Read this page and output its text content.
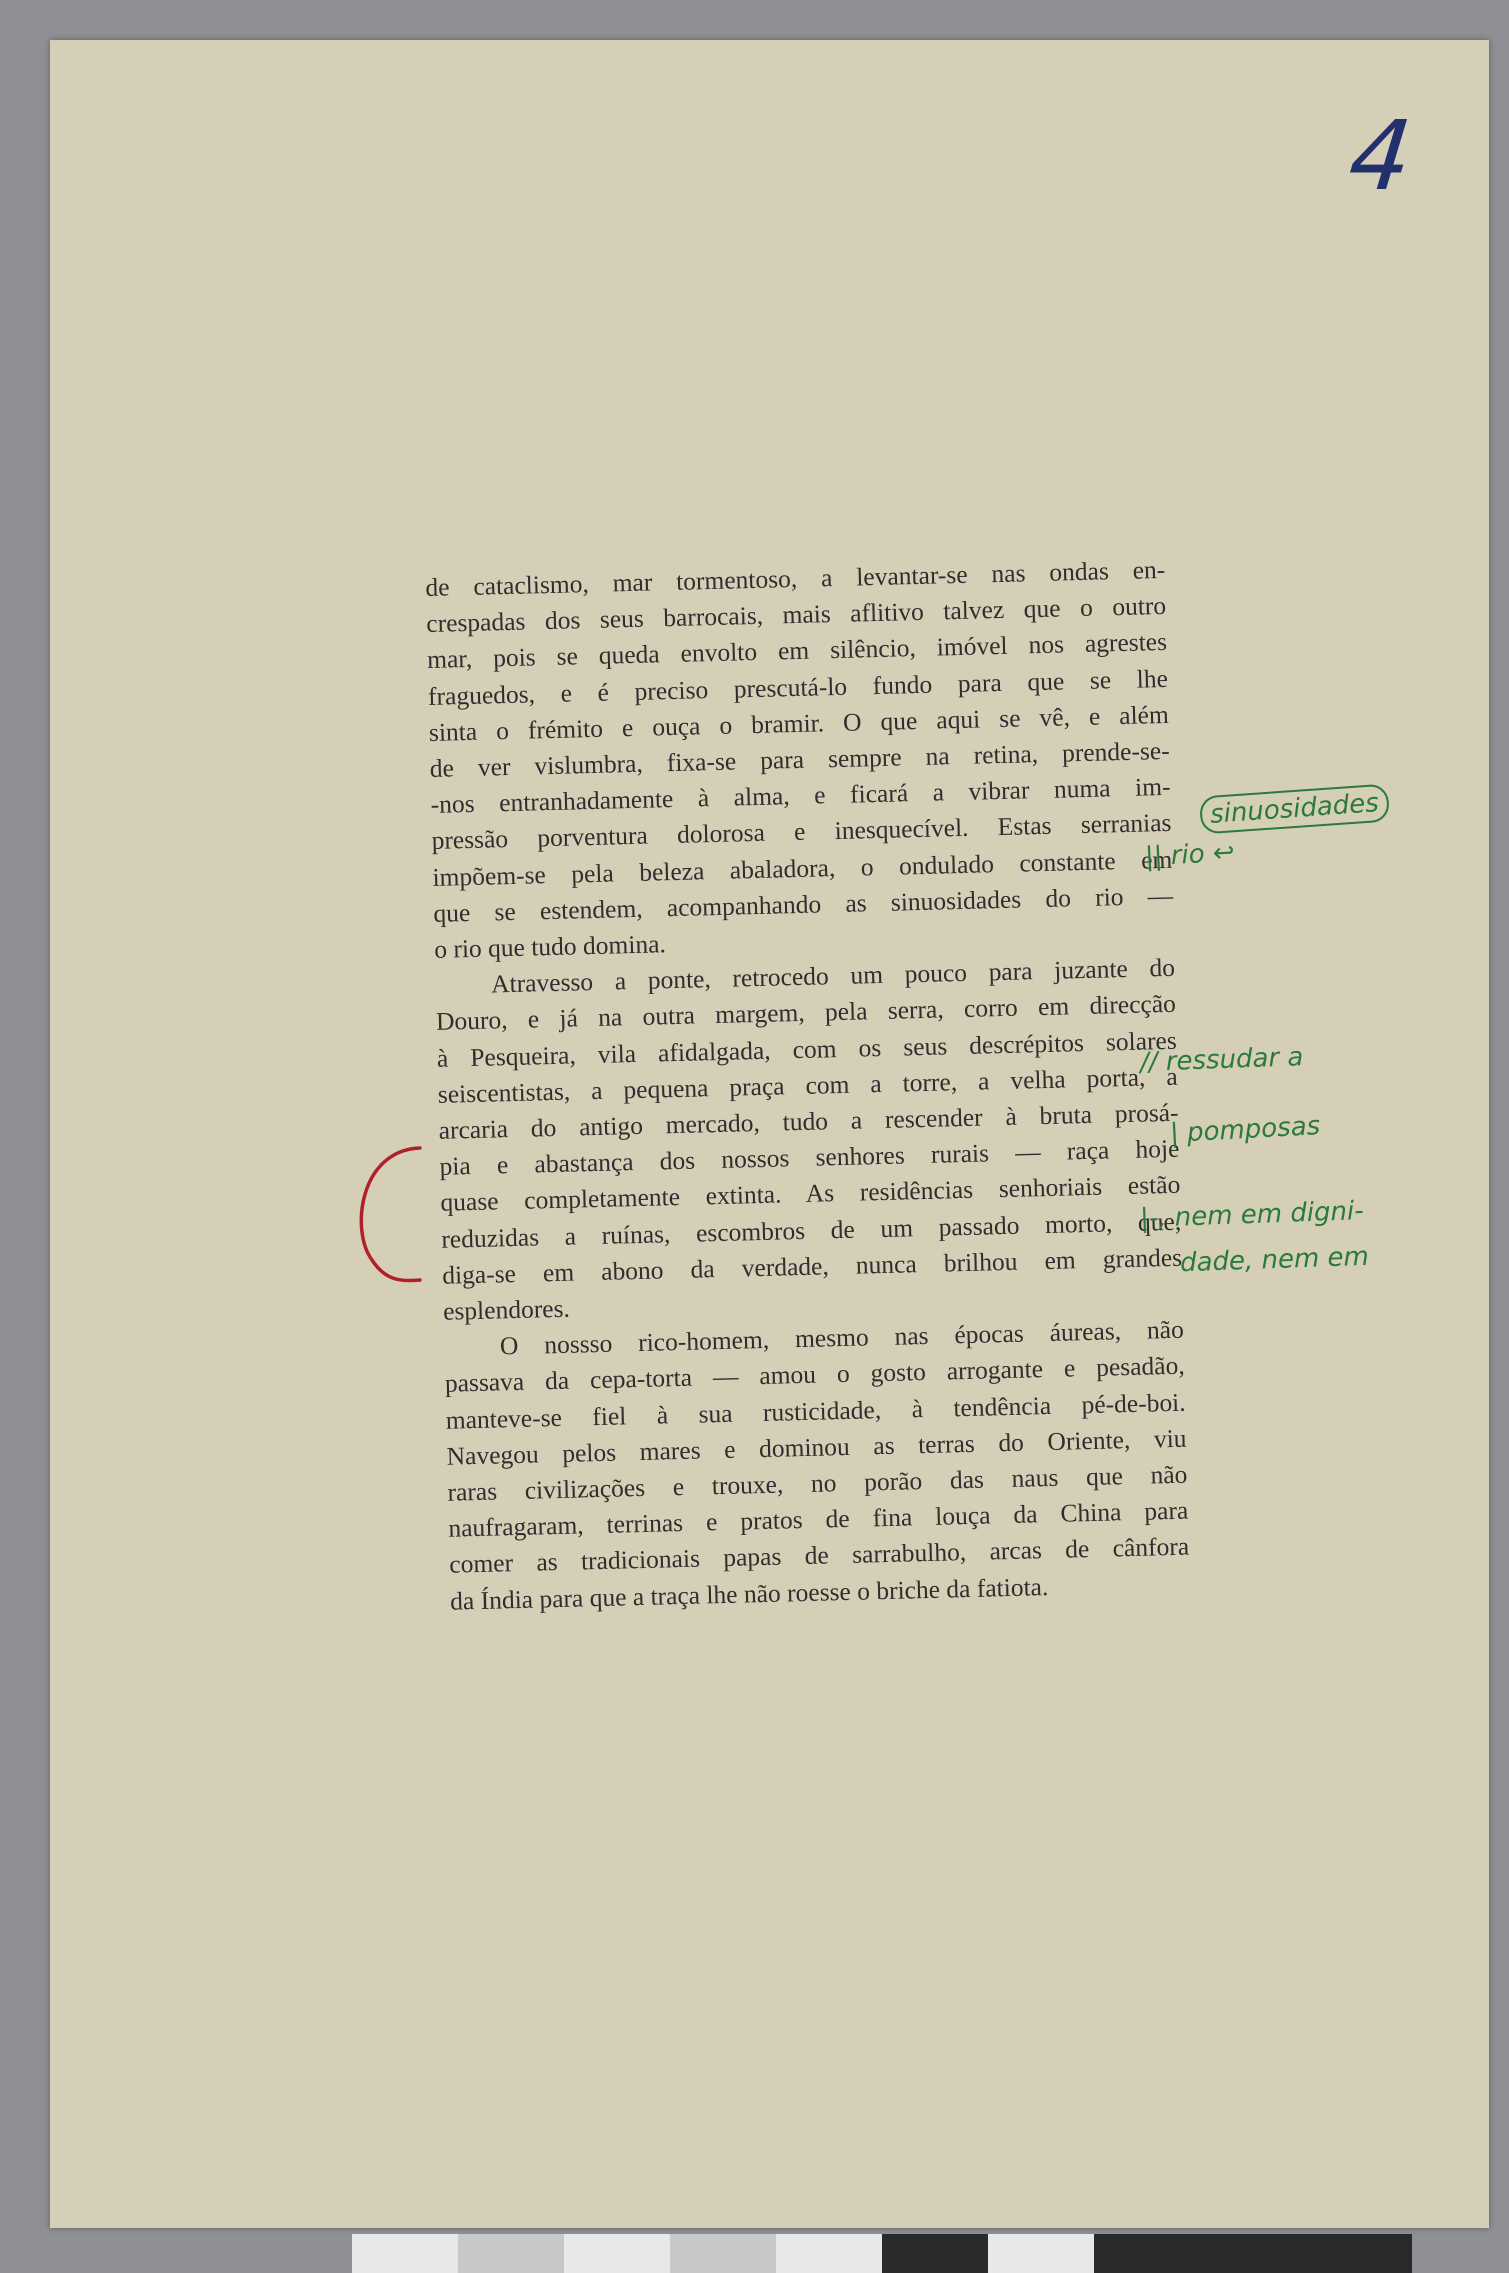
4
de cataclismo, mar tormentoso, a levantar-se nas ondas en-
crespadas dos seus barrocais, mais aflitivo talvez que o outro
mar, pois se queda envolto em silêncio, imóvel nos agrestes
fraguedos, e é preciso prescutá-lo fundo para que se lhe
sinta o frémito e ouça o bramir. O que aqui se vê, e além
de ver vislumbra, fixa-se para sempre na retina, prende-se-
-nos entranhadamente à alma, e ficará a vibrar numa im-
pressão porventura dolorosa e inesquecível. Estas serranias
impõem-se pela beleza abaladora, o ondulado constante em
que se estendem, acompanhando as sinuosidades do rio —
o rio que tudo domina.
Atravesso a ponte, retrocedo um pouco para juzante do
Douro, e já na outra margem, pela serra, corro em direcção
à Pesqueira, vila afidalgada, com os seus descrépitos solares
seiscentistas, a pequena praça com a torre, a velha porta, a
arcaria do antigo mercado, tudo a rescender à bruta prosá-
pia e abastança dos nossos senhores rurais — raça hoje
quase completamente extinta. As residências senhoriais estão
reduzidas a ruínas, escombros de um passado morto, que,
diga-se em abono da verdade, nunca brilhou em grandes
esplendores.
O nossso rico-homem, mesmo nas épocas áureas, não
passava da cepa-torta — amou o gosto arrogante e pesadão,
manteve-se fiel à sua rusticidade, à tendência pé-de-boi.
Navegou pelos mares e dominou as terras do Oriente, viu
raras civilizações e trouxe, no porão das naus que não
naufragaram, terrinas e pratos de fina louça da China para
comer as tradicionais papas de sarrabulho, arcas de cânfora
da Índia para que a traça lhe não roesse o briche da fatiota.
sinuosidades
|| rio ↩
// ressudar a
| pomposas
|-, nem em digni-
dade, nem em
